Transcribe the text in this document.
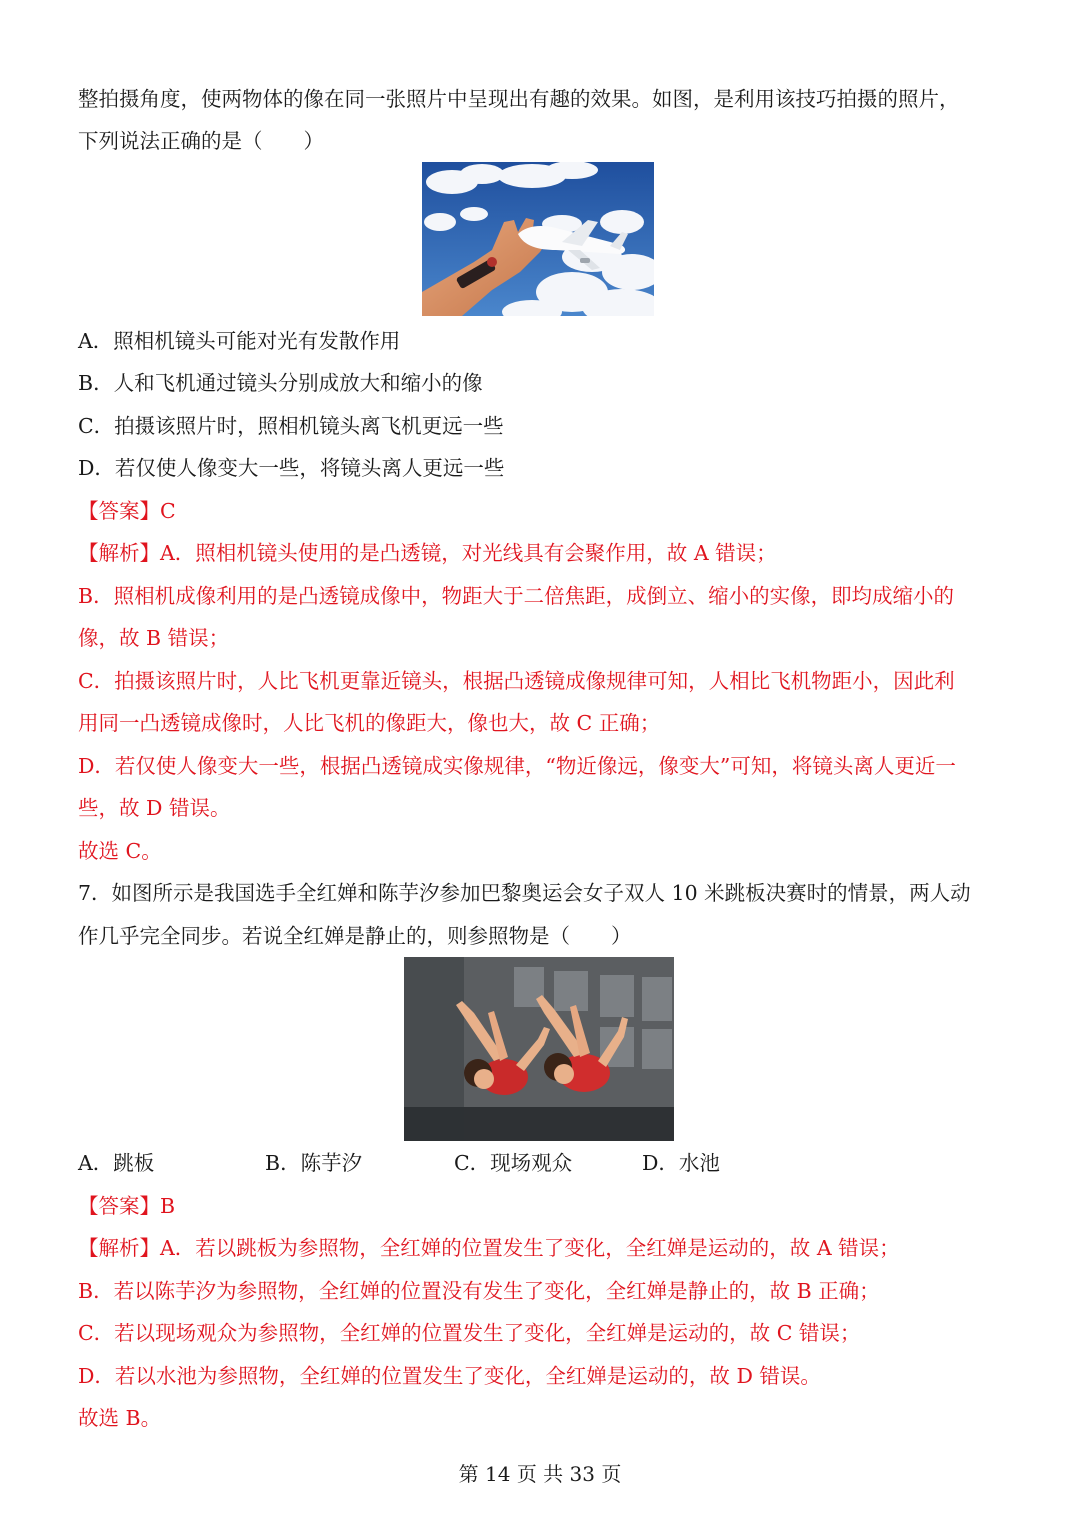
整拍摄角度，使两物体的像在同一张照片中呈现出有趣的效果。如图，是利用该技巧拍摄的照片，
下列说法正确的是（　　）
A．照相机镜头可能对光有发散作用
B．人和飞机通过镜头分别成放大和缩小的像
C．拍摄该照片时，照相机镜头离飞机更远一些
D．若仅使人像变大一些，将镜头离人更远一些
【答案】C
【解析】A．照相机镜头使用的是凸透镜，对光线具有会聚作用，故 A 错误；
B．照相机成像利用的是凸透镜成像中，物距大于二倍焦距，成倒立、缩小的实像，即均成缩小的
像，故 B 错误；
C．拍摄该照片时，人比飞机更靠近镜头，根据凸透镜成像规律可知，人相比飞机物距小，因此利
用同一凸透镜成像时，人比飞机的像距大，像也大，故 C 正确；
D．若仅使人像变大一些，根据凸透镜成实像规律，“物近像远，像变大”可知，将镜头离人更近一
些，故 D 错误。
故选 C。
7．如图所示是我国选手全红婵和陈芋汐参加巴黎奥运会女子双人 10 米跳板决赛时的情景，两人动
作几乎完全同步。若说全红婵是静止的，则参照物是（　　）
A．跳板	B．陈芋汐	C．现场观众	D．水池
【答案】B
【解析】A．若以跳板为参照物，全红婵的位置发生了变化，全红婵是运动的，故 A 错误；
B．若以陈芋汐为参照物，全红婵的位置没有发生了变化，全红婵是静止的，故 B 正确；
C．若以现场观众为参照物，全红婵的位置发生了变化，全红婵是运动的，故 C 错误；
D．若以水池为参照物，全红婵的位置发生了变化，全红婵是运动的，故 D 错误。
故选 B。
第 14 页 共 33 页
